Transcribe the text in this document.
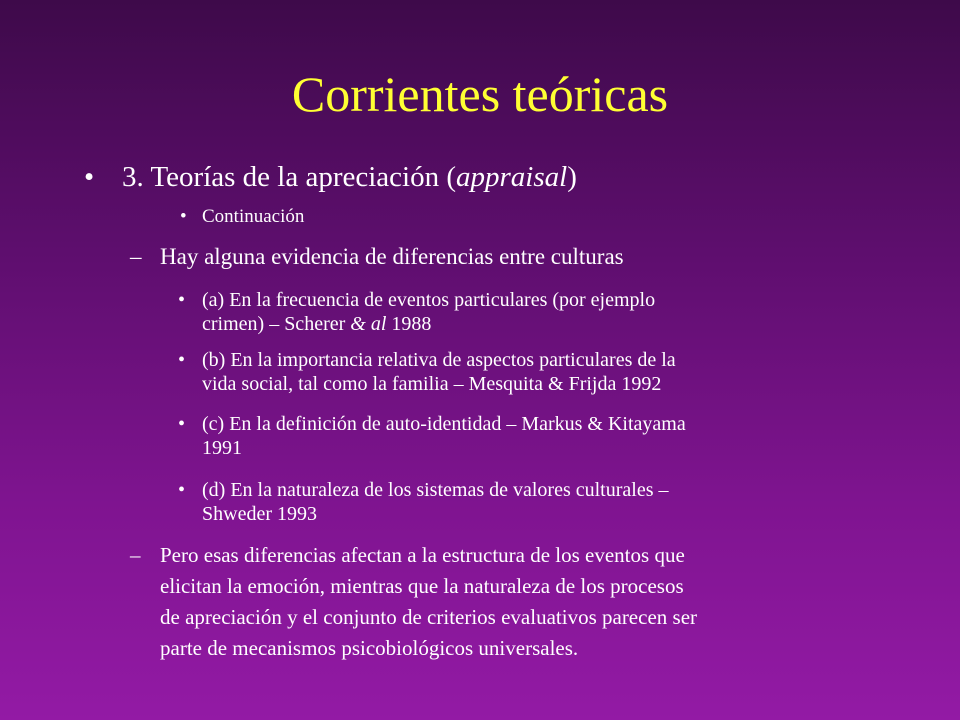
Corrientes teóricas
• 3. Teorías de la apreciación (appraisal)
• Continuación
– Hay alguna evidencia de diferencias entre culturas
• (a) En la frecuencia de eventos particulares (por ejemplo
crimen) – Scherer & al 1988
• (b) En la importancia relativa de aspectos particulares de la
vida social, tal como la familia – Mesquita & Frijda 1992
• (c) En la definición de auto-identidad – Markus & Kitayama
1991
• (d) En la naturaleza de los sistemas de valores culturales –
Shweder 1993
– Pero esas diferencias afectan a la estructura de los eventos que
elicitan la emoción, mientras que la naturaleza de los procesos
de apreciación y el conjunto de criterios evaluativos parecen ser
parte de mecanismos psicobiológicos universales.
